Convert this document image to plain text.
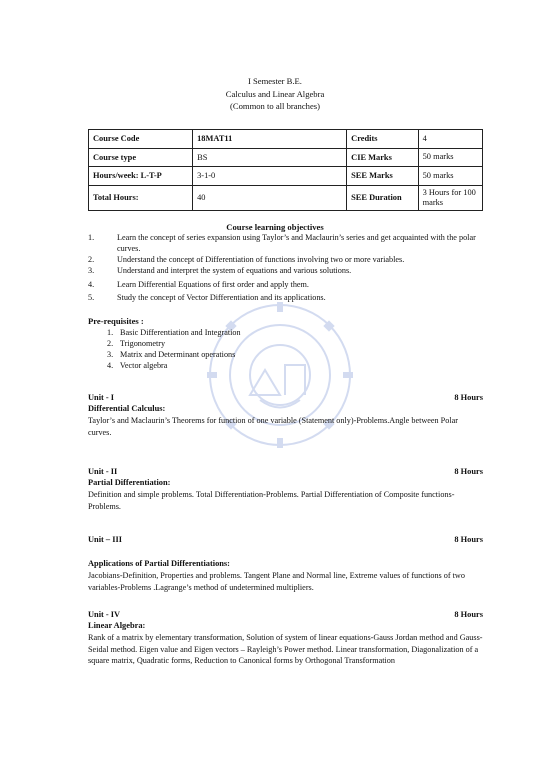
I Semester B.E.
Calculus and Linear Algebra
(Common to all branches)
Course Code	18MAT11	Credits	4
Course type	BS	CIE Marks	50 marks
Hours/week: L-T-P	3-1-0	SEE Marks	50 marks
Total Hours:	40	SEE Duration	3 Hours for 100 marks
Course learning objectives
1.	Learn the concept of series expansion using Taylor’s and Maclaurin’s series and get acquainted with the polar curves.
2.	Understand the concept of Differentiation of functions involving two or more variables.
3.	Understand and interpret the system of equations and various solutions.
4.	Learn Differential Equations of first order and apply them.
5.	Study the concept of Vector Differentiation and its applications.
Pre-requisites :
1. Basic Differentiation and Integration
2. Trigonometry
3. Matrix and Determinant operations
4. Vector algebra
Unit - I	8 Hours
Differential Calculus:
Taylor’s and Maclaurin’s Theorems for function of one variable (Statement only)-Problems.Angle between Polar curves.
Unit - II	8 Hours
Partial Differentiation:
Definition and simple problems. Total Differentiation-Problems. Partial Differentiation of Composite functions-Problems.
Unit – III	8 Hours
Applications of Partial Differentiations:
Jacobians-Definition, Properties and problems. Tangent Plane and Normal line, Extreme values of functions of two variables-Problems .Lagrange’s method of undetermined multipliers.
Unit - IV	8 Hours
Linear Algebra:
Rank of a matrix by elementary transformation, Solution of system of linear equations-Gauss Jordan method and Gauss-Seidal method. Eigen value and Eigen vectors – Rayleigh’s Power method. Linear transformation, Diagonalization of a square matrix, Quadratic forms, Reduction to Canonical forms by Orthogonal Transformation
